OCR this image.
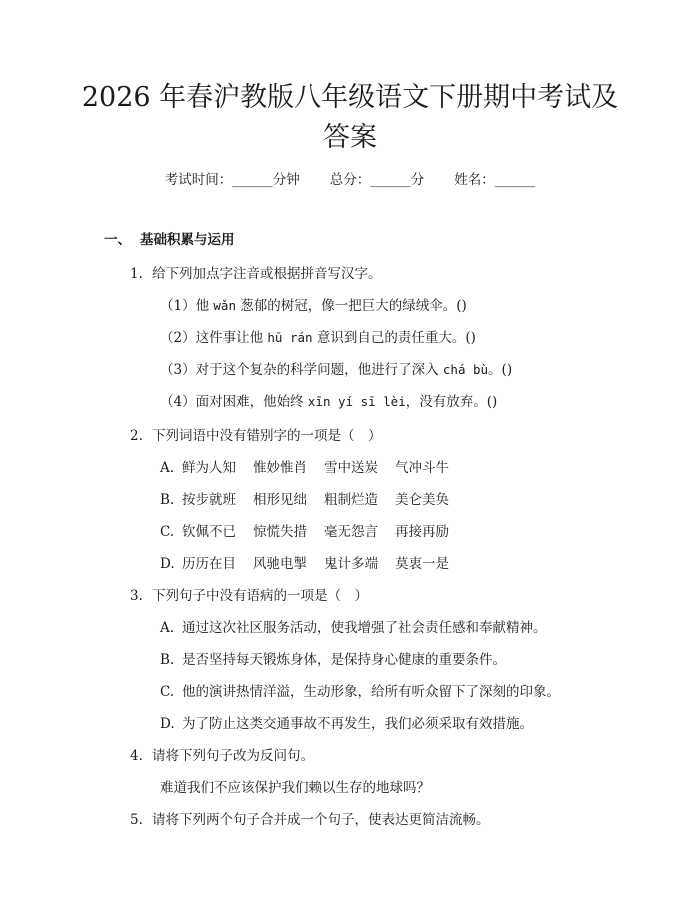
2026 年春沪教版八年级语文下册期中考试及
答案
考试时间：______分钟 总分：______分 姓名：______
一、 基础积累与运用
1. 给下列加点字注音或根据拼音写汉字。
（1）他 wǎn 葱郁的树冠，像一把巨大的绿绒伞。()
（2）这件事让他 hū rán 意识到自己的责任重大。()
（3）对于这个复杂的科学问题，他进行了深入 chá bù。()
（4）面对困难，他始终 xīn yí sī lèi，没有放弃。()
2. 下列词语中没有错别字的一项是（　）
A. 鲜为人知 惟妙惟肖 雪中送炭 气冲斗牛
B. 按步就班 相形见绌 粗制烂造 美仑美奂
C. 钦佩不已 惊慌失措 毫无怨言 再接再励
D. 历历在目 风驰电掣 鬼计多端 莫衷一是
3. 下列句子中没有语病的一项是（　）
A. 通过这次社区服务活动，使我增强了社会责任感和奉献精神。
B. 是否坚持每天锻炼身体，是保持身心健康的重要条件。
C. 他的演讲热情洋溢，生动形象，给所有听众留下了深刻的印象。
D. 为了防止这类交通事故不再发生，我们必须采取有效措施。
4. 请将下列句子改为反问句。
难道我们不应该保护我们赖以生存的地球吗？
5. 请将下列两个句子合并成一个句子，使表达更简洁流畅。
